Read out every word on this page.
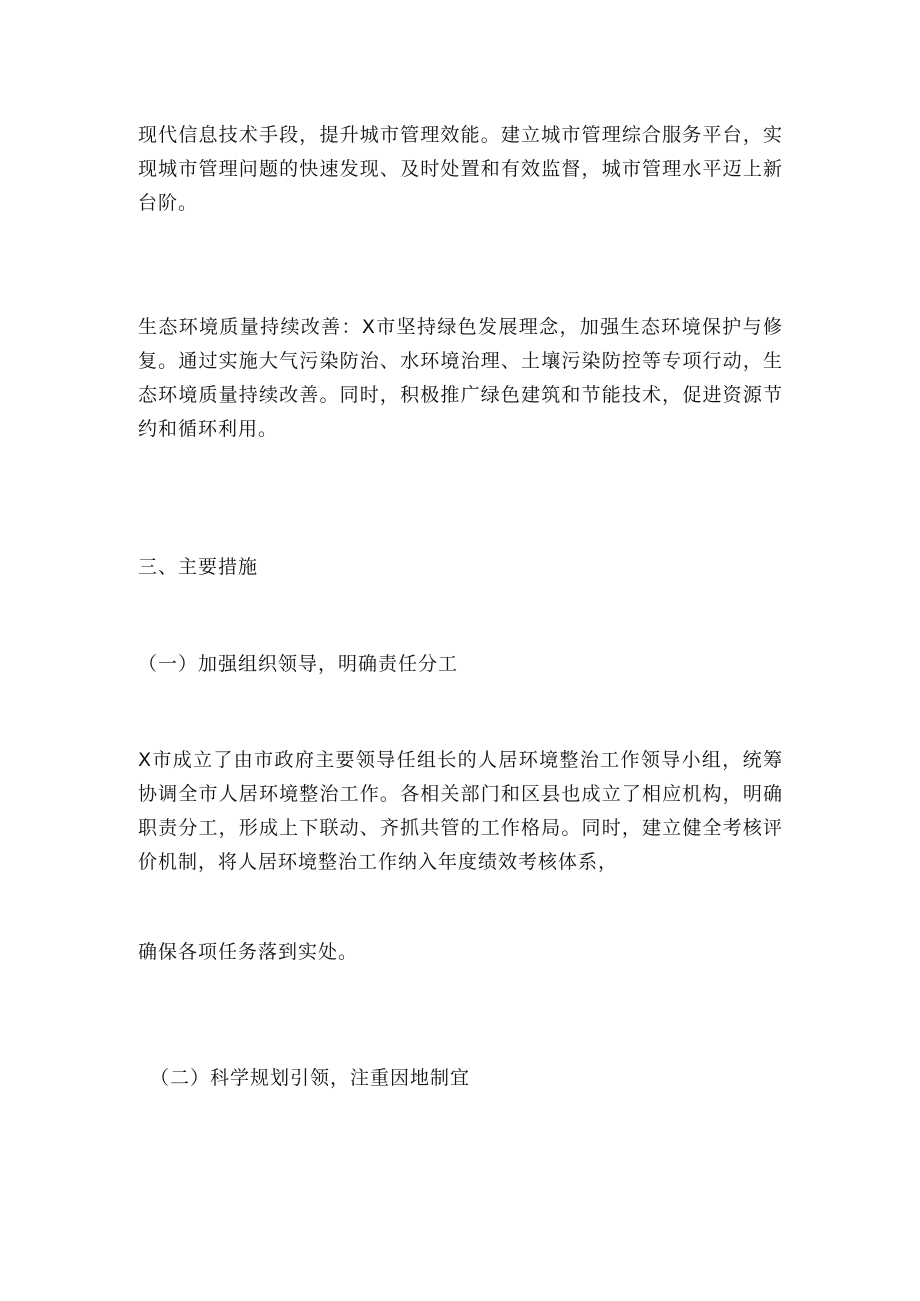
现代信息技术手段，提升城市管理效能。建立城市管理综合服务平台，实现城市管理问题的快速发现、及时处置和有效监督，城市管理水平迈上新台阶。

生态环境质量持续改善：X市坚持绿色发展理念，加强生态环境保护与修复。通过实施大气污染防治、水环境治理、土壤污染防控等专项行动，生态环境质量持续改善。同时，积极推广绿色建筑和节能技术，促进资源节约和循环利用。

三、主要措施

（一）加强组织领导，明确责任分工

X市成立了由市政府主要领导任组长的人居环境整治工作领导小组，统筹协调全市人居环境整治工作。各相关部门和区县也成立了相应机构，明确职责分工，形成上下联动、齐抓共管的工作格局。同时，建立健全考核评价机制，将人居环境整治工作纳入年度绩效考核体系，

确保各项任务落到实处。

（二）科学规划引领，注重因地制宜
